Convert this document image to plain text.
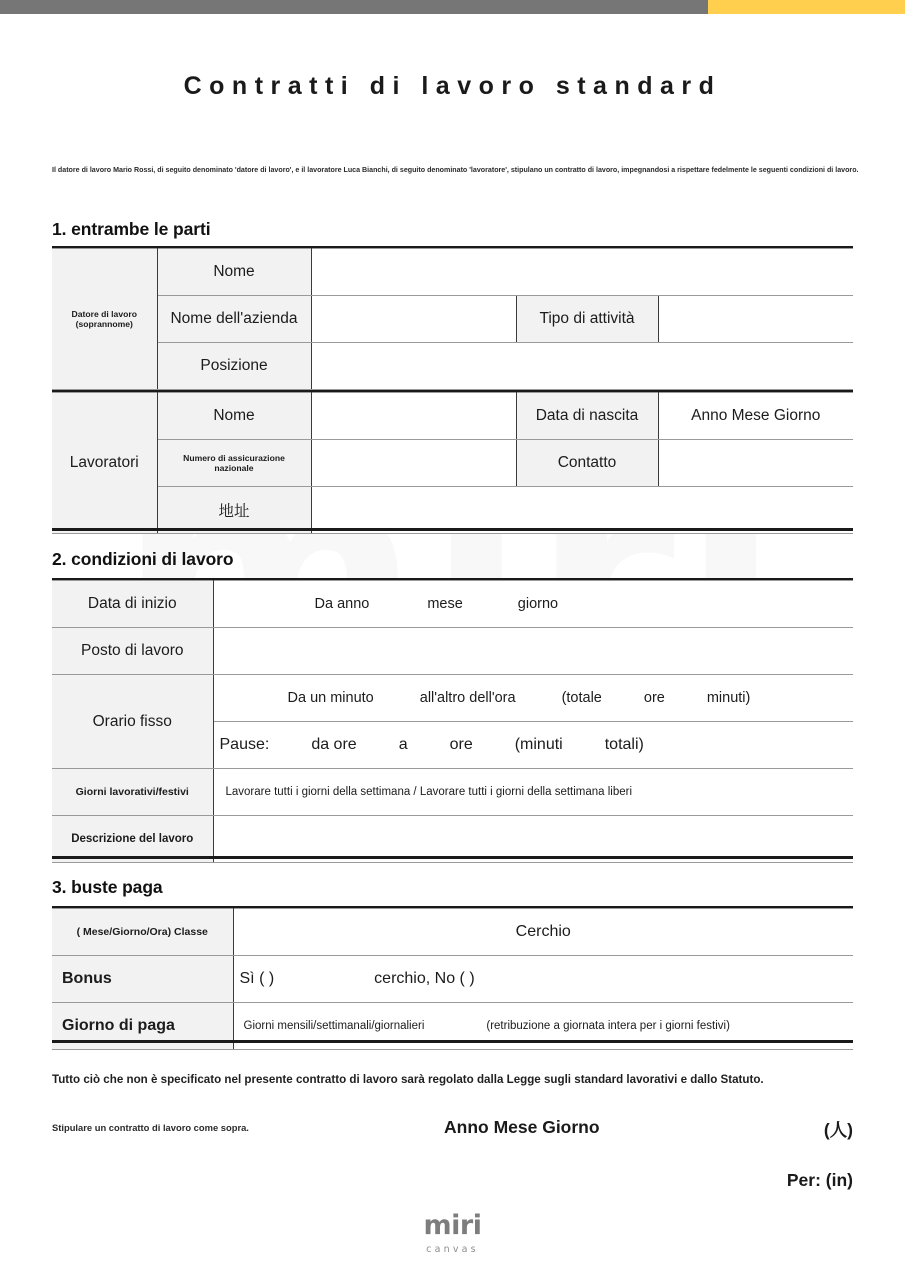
Contratti di lavoro standard
Il datore di lavoro Mario Rossi, di seguito denominato 'datore di lavoro', e il lavoratore Luca Bianchi, di seguito denominato 'lavoratore', stipulano un contratto di lavoro, impegnandosi a rispettare fedelmente le seguenti condizioni di lavoro.
1. entrambe le parti
Datore di lavoro (soprannome)	Nome			
	Nome dell'azienda		Tipo di attività	
	Posizione			
Lavoratori	Nome		Data di nascita	Anno Mese Giorno
	Numero di assicurazione nazionale		Contatto	
	地址			
2. condizioni di lavoro
Data di inizio	Da anno mese giorno

Posto di lavoro	
Orario fisso	Da un minuto all'altro dell'ora (totale ore minuti)

Pause:	da ore	a	ore	(minuti	totali)

Giorni lavorativi/festivi	Lavorare tutti i giorni della settimana / Lavorare tutti i giorni della settimana liberi
Descrizione del lavoro	
3. buste paga
( Mese/Giorno/Ora) Classe	Cerchio
Bonus	Sì ( ) cerchio, No ( )

Giorno di paga	Giorni mensili/settimanali/giornalieri (retribuzione a giornata intera per i giorni festivi)
Tutto ciò che non è specificato nel presente contratto di lavoro sarà regolato dalla Legge sugli standard lavorativi e dallo Statuto.
Stipulare un contratto di lavoro come sopra.	Anno Mese Giorno	(人)
Per: (in)
miri
canvas
